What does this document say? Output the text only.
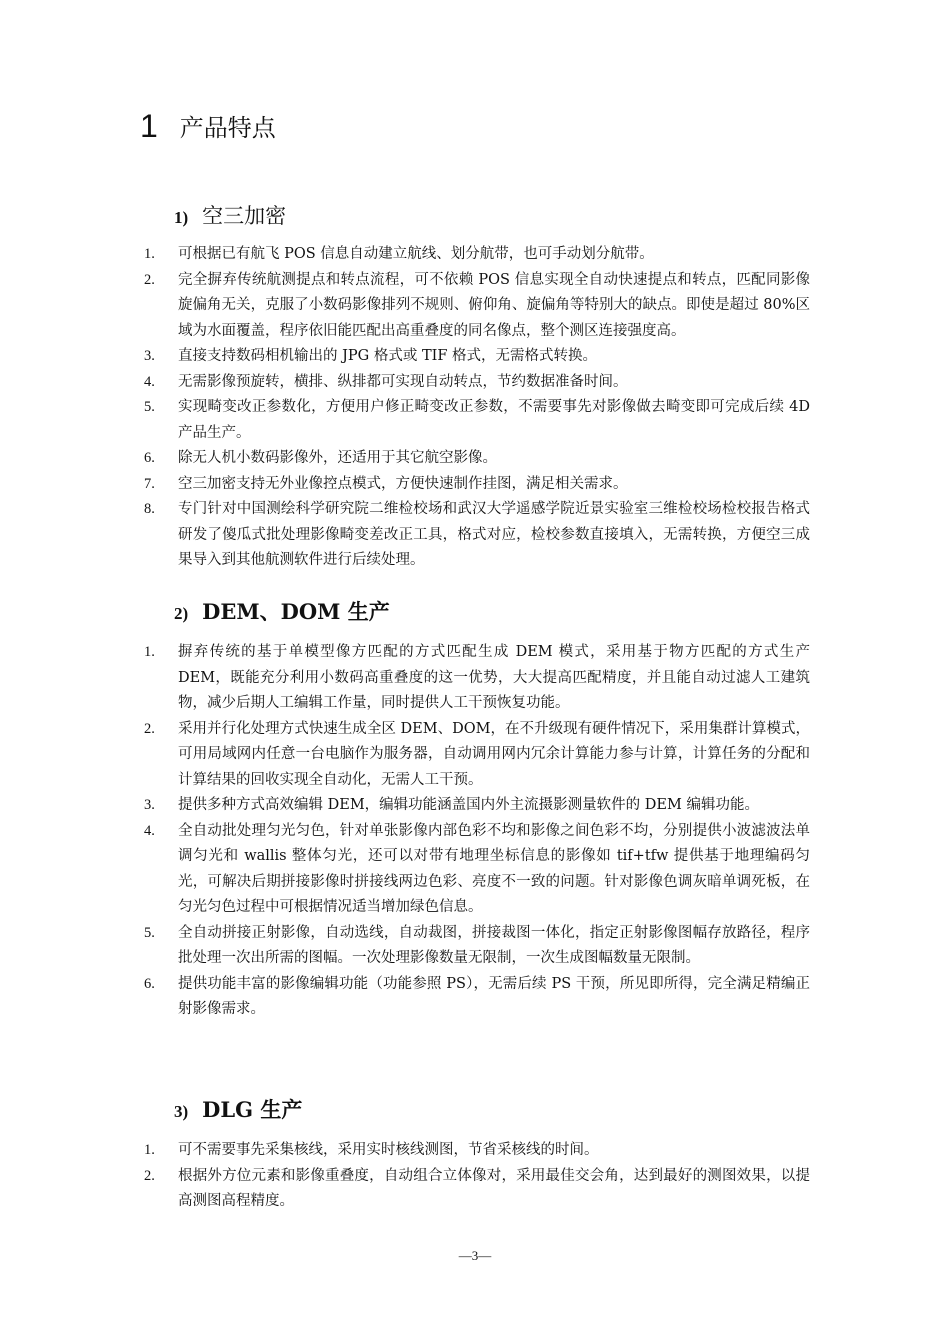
1 产品特点
1) 空三加密
1. 可根据已有航飞 POS 信息自动建立航线、划分航带，也可手动划分航带。
2. 完全摒弃传统航测提点和转点流程，可不依赖 POS 信息实现全自动快速提点和转点，匹配同影像旋偏角无关，克服了小数码影像排列不规则、俯仰角、旋偏角等特别大的缺点。即使是超过 80%区域为水面覆盖，程序依旧能匹配出高重叠度的同名像点，整个测区连接强度高。
3. 直接支持数码相机输出的 JPG 格式或 TIF 格式，无需格式转换。
4. 无需影像预旋转，横排、纵排都可实现自动转点，节约数据准备时间。
5. 实现畸变改正参数化，方便用户修正畸变改正参数，不需要事先对影像做去畸变即可完成后续 4D 产品生产。
6. 除无人机小数码影像外，还适用于其它航空影像。
7. 空三加密支持无外业像控点模式，方便快速制作挂图，满足相关需求。
8. 专门针对中国测绘科学研究院二维检校场和武汉大学遥感学院近景实验室三维检校场检校报告格式研发了傻瓜式批处理影像畸变差改正工具，格式对应，检校参数直接填入，无需转换，方便空三成果导入到其他航测软件进行后续处理。
2) DEM、DOM 生产
1. 摒弃传统的基于单模型像方匹配的方式匹配生成 DEM 模式，采用基于物方匹配的方式生产 DEM，既能充分利用小数码高重叠度的这一优势，大大提高匹配精度，并且能自动过滤人工建筑物，减少后期人工编辑工作量，同时提供人工干预恢复功能。
2. 采用并行化处理方式快速生成全区 DEM、DOM，在不升级现有硬件情况下，采用集群计算模式，可用局域网内任意一台电脑作为服务器，自动调用网内冗余计算能力参与计算，计算任务的分配和计算结果的回收实现全自动化，无需人工干预。
3. 提供多种方式高效编辑 DEM，编辑功能涵盖国内外主流摄影测量软件的 DEM 编辑功能。
4. 全自动批处理匀光匀色，针对单张影像内部色彩不均和影像之间色彩不均，分别提供小波滤波法单调匀光和 wallis 整体匀光，还可以对带有地理坐标信息的影像如 tif+tfw 提供基于地理编码匀光，可解决后期拼接影像时拼接线两边色彩、亮度不一致的问题。针对影像色调灰暗单调死板，在匀光匀色过程中可根据情况适当增加绿色信息。
5. 全自动拼接正射影像，自动选线，自动裁图，拼接裁图一体化，指定正射影像图幅存放路径，程序批处理一次出所需的图幅。一次处理影像数量无限制，一次生成图幅数量无限制。
6. 提供功能丰富的影像编辑功能（功能参照 PS），无需后续 PS 干预，所见即所得，完全满足精编正射影像需求。
3) DLG 生产
1. 可不需要事先采集核线，采用实时核线测图，节省采核线的时间。
2. 根据外方位元素和影像重叠度，自动组合立体像对，采用最佳交会角，达到最好的测图效果，以提高测图高程精度。
—3—
